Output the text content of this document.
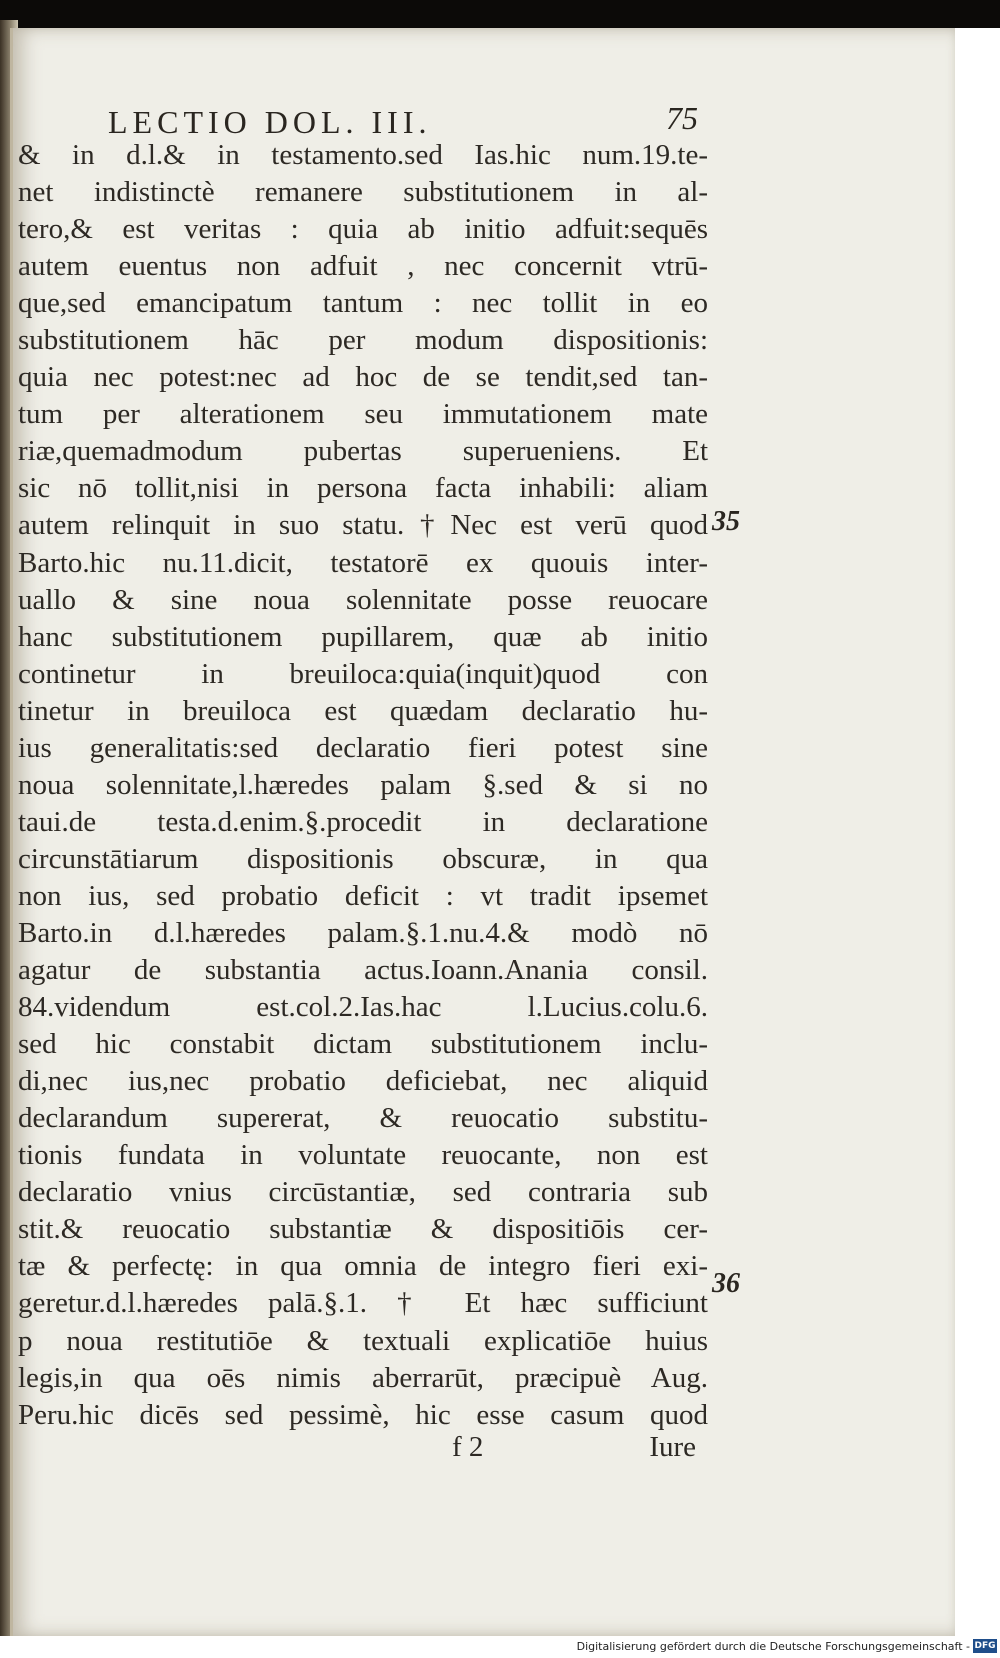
LECTIO DOL. III.	75
& in d.l.& in testamento.sed Ias.hic num.19.te-
net indistinctè remanere substitutionem in al-
tero,& est veritas : quia ab initio adfuit:sequēs
autem euentus non adfuit , nec concernit vtrū-
que,sed emancipatum tantum : nec tollit in eo
substitutionem hāc per modum dispositionis:
quia nec potest:nec ad hoc de se tendit,sed tan-
tum per alterationem seu immutationem mate
riæ,quemadmodum pubertas superueniens. Et
sic nō tollit,nisi in persona facta inhabili: aliam
autem relinquit in suo statu.†Nec est verū quod
Barto.hic nu.11.dicit, testatorē ex quouis inter-
uallo & sine noua solennitate posse reuocare
hanc substitutionem pupillarem, quæ ab initio
continetur in breuiloca:quia(inquit)quod con
tinetur in breuiloca est quædam declaratio hu-
ius generalitatis:sed declaratio fieri potest sine
noua solennitate,l.hæredes palam §.sed & si no
taui.de testa.d.enim.§.procedit in declaratione
circunstātiarum dispositionis obscuræ, in qua
non ius, sed probatio deficit : vt tradit ipsemet
Barto.in d.l.hæredes palam.§.1.nu.4.& modò nō
agatur de substantia actus.Ioann.Anania consil.
84.videndum est.col.2.Ias.hac l.Lucius.colu.6.
sed hic constabit dictam substitutionem inclu-
di,nec ius,nec probatio deficiebat, nec aliquid
declarandum supererat, & reuocatio substitu-
tionis fundata in voluntate reuocante, non est
declaratio vnius circūstantiæ, sed contraria sub
stit.& reuocatio substantiæ & dispositiōis cer-
tæ & perfectę: in qua omnia de integro fieri exi-
geretur.d.l.hæredes palā.§.1. † Et hæc sufficiunt
p noua restitutiōe & textuali explicatiōe huius
legis,in qua oēs nimis aberrarūt, præcipuè Aug.
Peru.hic dicēs sed pessimè, hic esse casum quod
35
36
f 2	Iure
Digitalisierung gefördert durch die Deutsche Forschungsgemeinschaft - DFG
